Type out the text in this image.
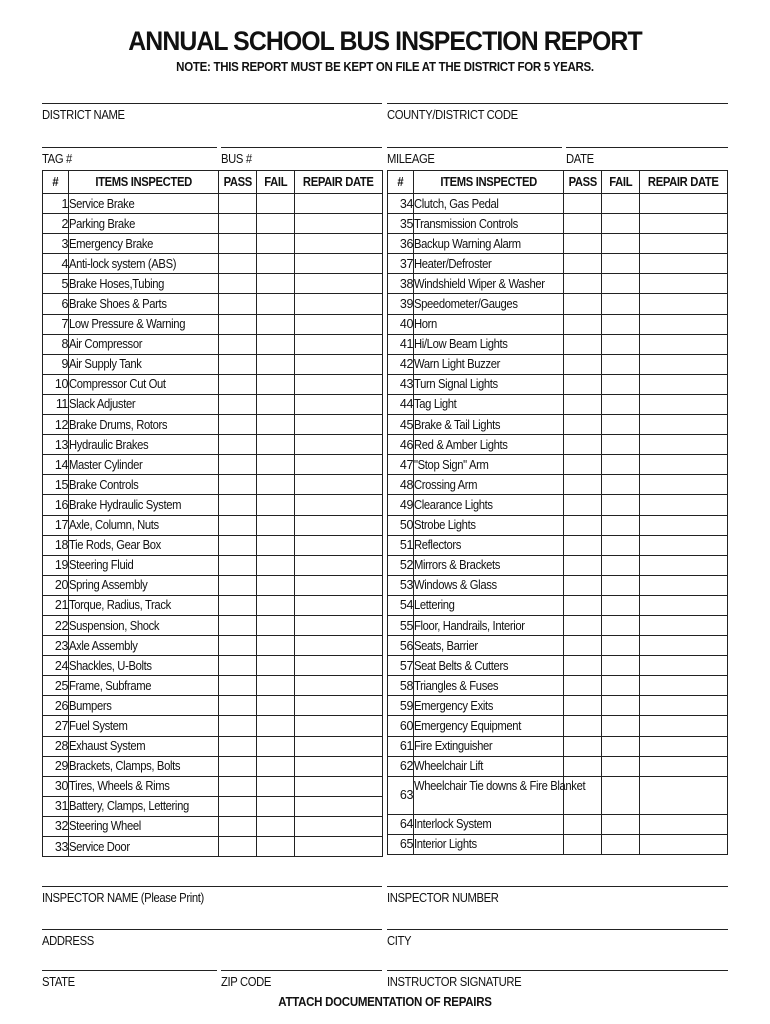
ANNUAL SCHOOL BUS INSPECTION REPORT
NOTE: THIS REPORT MUST BE KEPT ON FILE AT THE DISTRICT FOR 5 YEARS.
DISTRICT NAME	COUNTY/DISTRICT CODE
TAG #	BUS #	MILEAGE	DATE
#	ITEMS INSPECTED	PASS	FAIL	REPAIR DATE
1	Service Brake			
2	Parking Brake			
3	Emergency Brake			
4	Anti-lock system (ABS)			
5	Brake Hoses,Tubing			
6	Brake Shoes & Parts			
7	Low Pressure & Warning			
8	Air Compressor			
9	Air Supply Tank			
10	Compressor Cut Out			
11	Slack Adjuster			
12	Brake Drums, Rotors			
13	Hydraulic Brakes			
14	Master Cylinder			
15	Brake Controls			
16	Brake Hydraulic System			
17	Axle, Column, Nuts			
18	Tie Rods, Gear Box			
19	Steering Fluid			
20	Spring Assembly			
21	Torque, Radius, Track			
22	Suspension, Shock			
23	Axle Assembly			
24	Shackles, U-Bolts			
25	Frame, Subframe			
26	Bumpers			
27	Fuel System			
28	Exhaust System			
29	Brackets, Clamps, Bolts			
30	Tires, Wheels & Rims			
31	Battery, Clamps, Lettering			
32	Steering Wheel			
33	Service Door			
#	ITEMS INSPECTED	PASS	FAIL	REPAIR DATE
34	Clutch, Gas Pedal			
35	Transmission Controls			
36	Backup Warning Alarm			
37	Heater/Defroster			
38	Windshield Wiper & Washer			
39	Speedometer/Gauges			
40	Horn			
41	Hi/Low Beam Lights			
42	Warn Light Buzzer			
43	Turn Signal Lights			
44	Tag Light			
45	Brake & Tail Lights			
46	Red & Amber Lights			
47	"Stop Sign" Arm			
48	Crossing Arm			
49	Clearance Lights			
50	Strobe Lights			
51	Reflectors			
52	Mirrors & Brackets			
53	Windows & Glass			
54	Lettering			
55	Floor, Handrails, Interior			
56	Seats, Barrier			
57	Seat Belts & Cutters			
58	Triangles & Fuses			
59	Emergency Exits			
60	Emergency Equipment			
61	Fire Extinguisher			
62	Wheelchair Lift			
63	Wheelchair Tie downs & Fire Blanket			
64	Interlock System			
65	Interior Lights			
INSPECTOR NAME (Please Print)	INSPECTOR NUMBER
ADDRESS	CITY
STATE	ZIP CODE	INSTRUCTOR SIGNATURE
ATTACH DOCUMENTATION OF REPAIRS
